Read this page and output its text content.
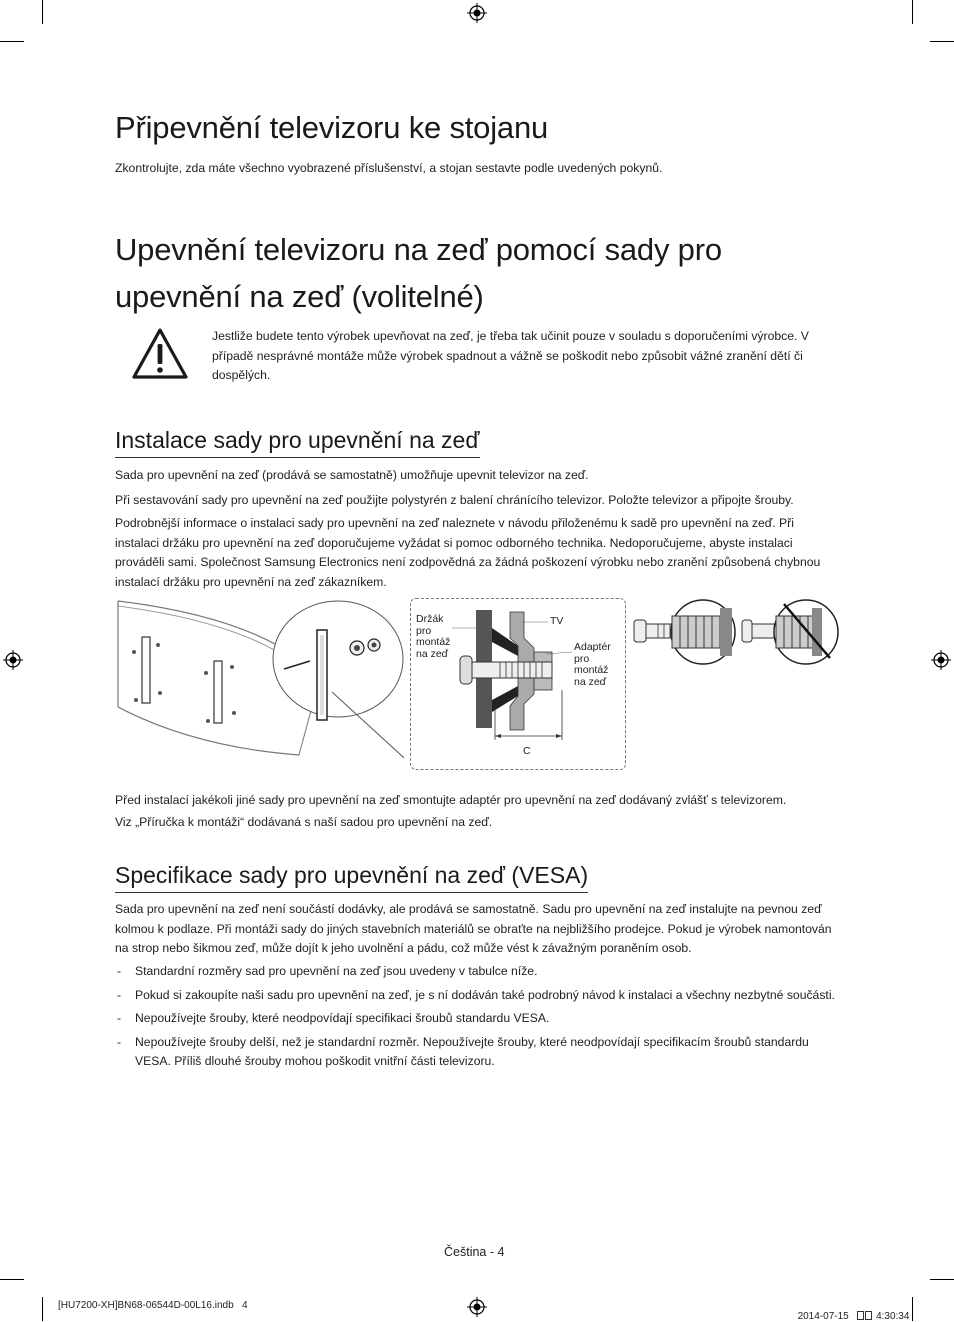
Připevnění televizoru ke stojanu

Zkontrolujte, zda máte všechno vyobrazené příslušenství, a stojan sestavte podle uvedených pokynů.

Upevnění televizoru na zeď pomocí sady pro
upevnění na zeď (volitelné)

Jestliže budete tento výrobek upevňovat na zeď, je třeba tak učinit pouze v souladu s doporučeními výrobce. V případě nesprávné montáže může výrobek spadnout a vážně se poškodit nebo způsobit vážné zranění dětí či dospělých.

Instalace sady pro upevnění na zeď

Sada pro upevnění na zeď (prodává se samostatně) umožňuje upevnit televizor na zeď.

Při sestavování sady pro upevnění na zeď použijte polystyrén z balení chránícího televizor. Položte televizor a připojte šrouby.

Podrobnější informace o instalaci sady pro upevnění na zeď naleznete v návodu přiloženému k sadě pro upevnění na zeď. Při instalaci držáku pro upevnění na zeď doporučujeme vyžádat si pomoc odborného technika. Nedoporučujeme, abyste instalaci prováděli sami. Společnost Samsung Electronics není zodpovědná za žádná poškození výrobku nebo zranění způsobená chybnou instalací držáku pro upevnění na zeď zákazníkem.

Držák
pro
montáž
na zeď
TV
Adaptér
pro
montáž
na zeď
C

Před instalací jakékoli jiné sady pro upevnění na zeď smontujte adaptér pro upevnění na zeď dodávaný zvlášť s televizorem.

Viz „Příručka k montáži“ dodávaná s naší sadou pro upevnění na zeď.

Specifikace sady pro upevnění na zeď (VESA)

Sada pro upevnění na zeď není součástí dodávky, ale prodává se samostatně. Sadu pro upevnění na zeď instalujte na pevnou zeď kolmou k podlaze. Při montáži sady do jiných stavebních materiálů se obraťte na nejbližšího prodejce. Pokud je výrobek namontován na strop nebo šikmou zeď, může dojít k jeho uvolnění a pádu, což může vést k závažným poraněním osob.

- Standardní rozměry sad pro upevnění na zeď jsou uvedeny v tabulce níže.
- Pokud si zakoupíte naši sadu pro upevnění na zeď, je s ní dodáván také podrobný návod k instalaci a všechny nezbytné součásti.
- Nepoužívejte šrouby, které neodpovídají specifikaci šroubů standardu VESA.
- Nepoužívejte šrouby delší, než je standardní rozměr. Nepoužívejte šrouby, které neodpovídají specifikacím šroubů standardu VESA. Příliš dlouhé šrouby mohou poškodit vnitřní části televizoru.
Čeština - 4
[HU7200-XH]BN68-06544D-00L16.indb   4

2014-07-15   4:30:34
